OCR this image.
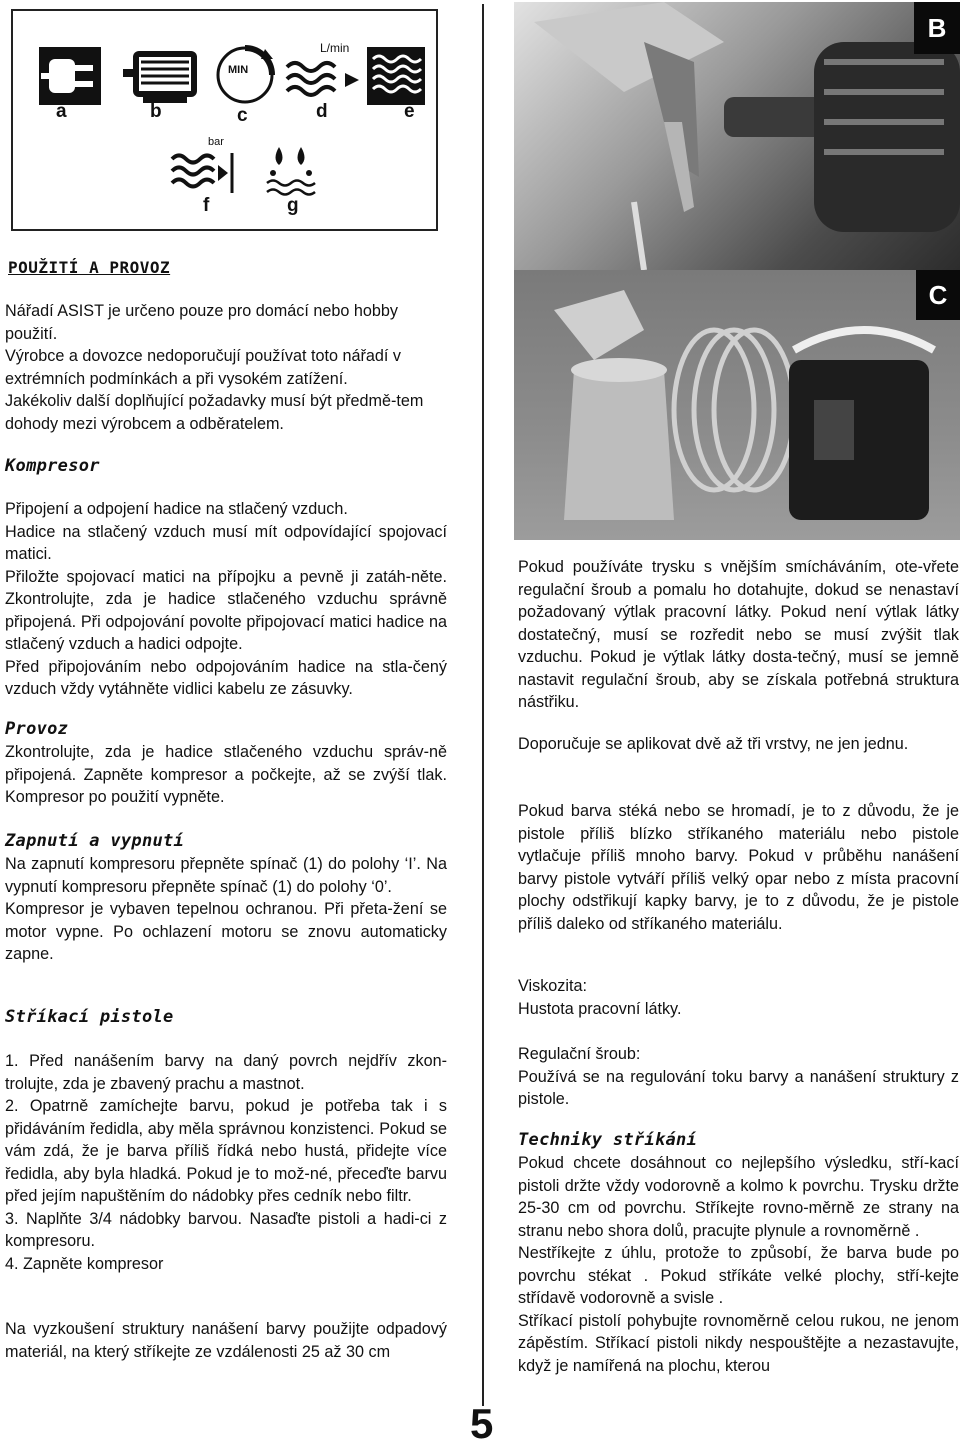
a	b
MIN
c
L/min
d	e
bar
f	g
POUŽITÍ A PROVOZ

Nářadí ASIST je určeno pouze pro domácí nebo hobby použití.
Výrobce a dovozce nedoporučují používat toto nářadí v extrémních podmínkách a při vysokém zatížení.
Jakékoliv další doplňující požadavky musí být předmě-tem dohody mezi výrobcem a odběratelem.

Kompresor

Připojení a odpojení hadice na stlačený vzduch.
Hadice na stlačený vzduch musí mít odpovídající spojovací matici.
Přiložte spojovací matici na přípojku a pevně ji zatáh-něte. Zkontrolujte, zda je hadice stlačeného vzduchu správně připojená. Při odpojování povolte připojovací matici hadice na stlačený vzduch a hadici odpojte.
Před připojováním nebo odpojováním hadice na stla-čený vzduch vždy vytáhněte vidlici kabelu ze zásuvky.

Provoz

Zkontrolujte, zda je hadice stlačeného vzduchu správ-ně připojená. Zapněte kompresor a počkejte, až se zvýší tlak. Kompresor po použití vypněte.

Zapnutí a vypnutí

Na zapnutí kompresoru přepněte spínač (1) do polohy ‘I’. Na vypnutí kompresoru přepněte spínač (1) do polohy ‘0’.
Kompresor je vybaven tepelnou ochranou. Při přeta-žení se motor vypne. Po ochlazení motoru se znovu automaticky zapne.

Stříkací pistole

1. Před nanášením barvy na daný povrch nejdřív zkon-trolujte, zda je zbavený prachu a mastnot.
2. Opatrně zamíchejte barvu, pokud je potřeba tak i s přidáváním ředidla, aby měla správnou konzistenci. Pokud se vám zdá, že je barva příliš řídká nebo hustá, přidejte více ředidla, aby byla hladká. Pokud je to mož-né, přeceďte barvu před jejím napuštěním do nádobky přes cedník nebo filtr.
3. Naplňte 3/4 nádobky barvou. Nasaďte pistoli a hadi-ci z kompresoru.
4. Zapněte kompresor

Na vyzkoušení struktury nanášení barvy použijte odpadový materiál, na který stříkejte ze vzdálenosti 25 až 30 cm

5
B
C

Pokud používáte trysku s vnějším smícháváním, ote-vřete regulační šroub a pomalu ho dotahujte, dokud se nenastaví požadovaný výtlak pracovní látky. Pokud není výtlak látky dostatečný, musí se rozředit nebo se musí zvýšit tlak vzduchu. Pokud je výtlak látky dosta-tečný, musí se jemně nastavit regulační šroub, aby se získala potřebná struktura nástřiku.

Doporučuje se aplikovat dvě až tři vrstvy, ne jen jednu.

Pokud barva stéká nebo se hromadí, je to z důvodu, že je pistole příliš blízko stříkaného materiálu nebo pistole vytlačuje příliš mnoho barvy. Pokud v průběhu nanášení barvy pistole vytváří příliš velký opar nebo z místa pracovní plochy odstřikují kapky barvy, je to z důvodu, že je pistole příliš daleko od stříkaného materiálu.

Viskozita:
Hustota pracovní látky.

Regulační šroub:
Používá se na regulování toku barvy a nanášení struktury z pistole.

Techniky stříkání

Pokud chcete dosáhnout co nejlepšího výsledku, stří-kací pistoli držte vždy vodorovně a kolmo k povrchu. Trysku držte 25-30 cm od povrchu. Stříkejte rovno-měrně ze strany na stranu nebo shora dolů, pracujte plynule a rovnoměrně .
Nestříkejte z úhlu, protože to způsobí, že barva bude po povrchu stékat . Pokud stříkáte velké plochy, stří-kejte střídavě vodorovně a svisle .
Stříkací pistolí pohybujte rovnoměrně celou rukou, ne jenom zápěstím. Stříkací pistoli nikdy nespouštějte a nezastavujte, když je namířená na plochu, kterou
